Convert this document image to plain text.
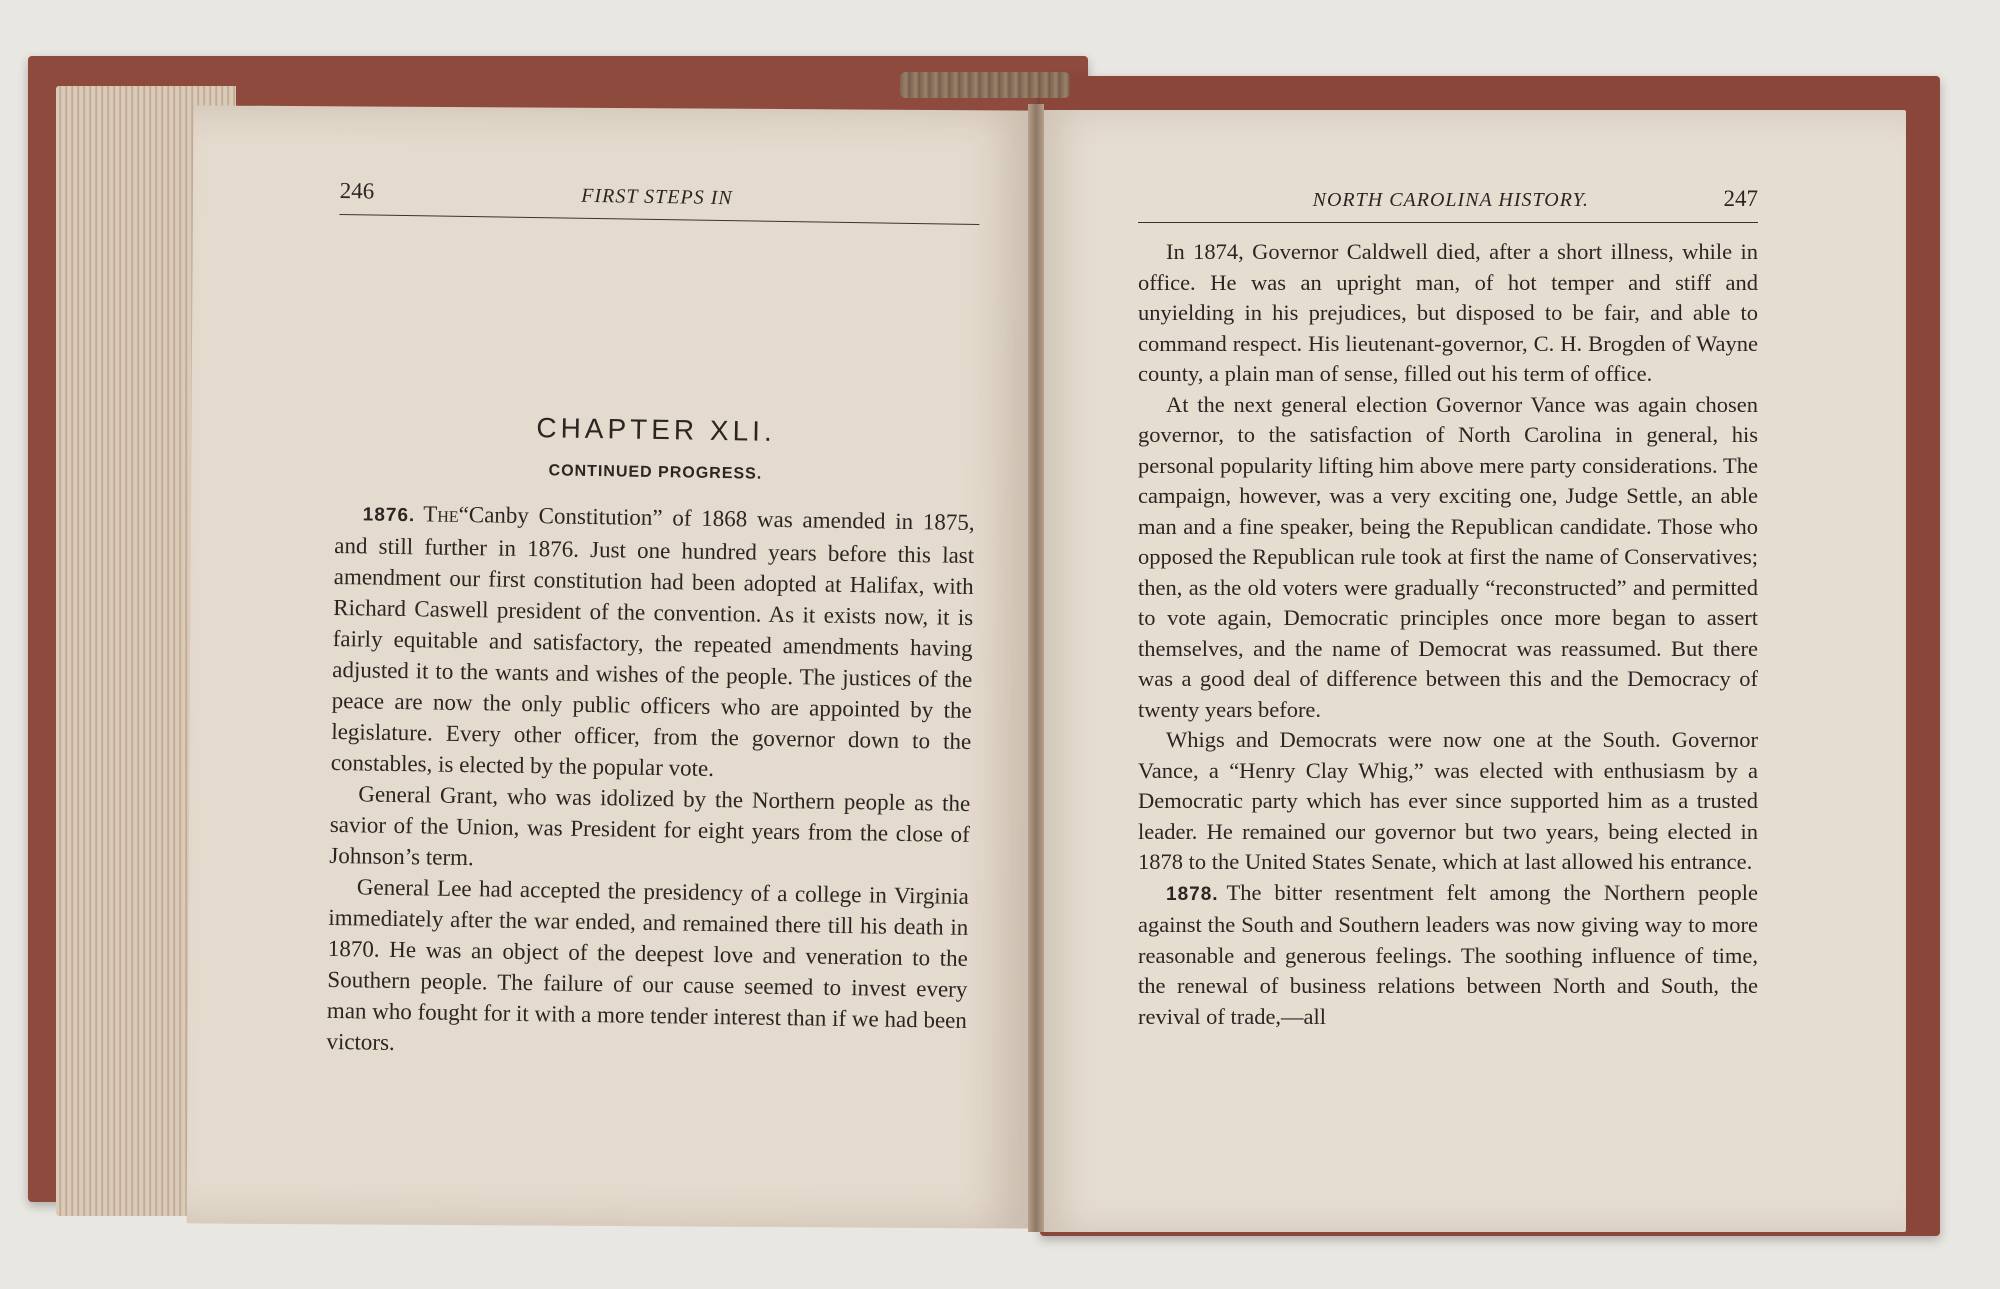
246	FIRST STEPS IN
CHAPTER XLI.
CONTINUED PROGRESS.

1876. The“Canby Constitution” of 1868 was amended in 1875, and still further in 1876. Just one hundred years before this last amendment our first constitution had been adopted at Halifax, with Richard Caswell president of the convention. As it exists now, it is fairly equitable and satisfactory, the repeated amendments having adjusted it to the wants and wishes of the people. The justices of the peace are now the only public officers who are appointed by the legislature. Every other officer, from the governor down to the constables, is elected by the popular vote.

General Grant, who was idolized by the Northern people as the savior of the Union, was President for eight years from the close of Johnson’s term.

General Lee had accepted the presidency of a college in Virginia immediately after the war ended, and remained there till his death in 1870. He was an object of the deepest love and veneration to the Southern people. The failure of our cause seemed to invest every man who fought for it with a more tender interest than if we had been victors.

NORTH CAROLINA HISTORY.	247

In 1874, Governor Caldwell died, after a short illness, while in office. He was an upright man, of hot temper and stiff and unyielding in his prejudices, but disposed to be fair, and able to command respect. His lieutenant-governor, C. H. Brogden of Wayne county, a plain man of sense, filled out his term of office.

At the next general election Governor Vance was again chosen governor, to the satisfaction of North Carolina in general, his personal popularity lifting him above mere party considerations. The campaign, however, was a very exciting one, Judge Settle, an able man and a fine speaker, being the Republican candidate. Those who opposed the Republican rule took at first the name of Conservatives; then, as the old voters were gradually “reconstructed” and permitted to vote again, Democratic principles once more began to assert themselves, and the name of Democrat was reassumed. But there was a good deal of difference between this and the Democracy of twenty years before.

Whigs and Democrats were now one at the South. Governor Vance, a “Henry Clay Whig,” was elected with enthusiasm by a Democratic party which has ever since supported him as a trusted leader. He remained our governor but two years, being elected in 1878 to the United States Senate, which at last allowed his entrance.

1878. The bitter resentment felt among the Northern people against the South and Southern leaders was now giving way to more reasonable and generous feelings. The soothing influence of time, the renewal of business relations between North and South, the revival of trade,—all
